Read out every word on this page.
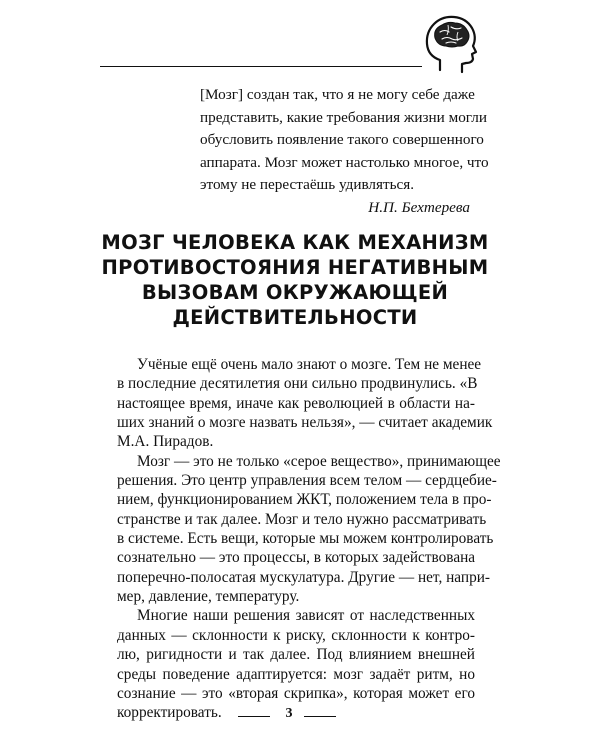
[Мозг] создан так, что я не могу себе даже
представить, какие требования жизни могли
обусловить появление такого совершенного
аппарата. Мозг может настолько многое, что
этому не перестаёшь удивляться.
Н.П. Бехтерева
МОЗГ ЧЕЛОВЕКА КАК МЕХАНИЗМ
ПРОТИВОСТОЯНИЯ НЕГАТИВНЫМ
ВЫЗОВАМ ОКРУЖАЮЩЕЙ
ДЕЙСТВИТЕЛЬНОСТИ
Учёные ещё очень мало знают о мозге. Тем не менее
в последние десятилетия они сильно продвинулись. «В
настоящее время, иначе как революцией в области на-
ших знаний о мозге назвать нельзя», — считает академик
М.А. Пирадов.
Мозг — это не только «серое вещество», принимающее
решения. Это центр управления всем телом — сердцебие-
нием, функционированием ЖКТ, положением тела в про-
странстве и так далее. Мозг и тело нужно рассматривать
в системе. Есть вещи, которые мы можем контролировать
сознательно — это процессы, в которых задействована
поперечно-полосатая мускулатура. Другие — нет, напри-
мер, давление, температуру.
Многие наши решения зависят от наследственных
данных — склонности к риску, склонности к контро-
лю, ригидности и так далее. Под влиянием внешней
среды поведение адаптируется: мозг задаёт ритм, но
сознание — это «вторая скрипка», которая может его
корректировать.	3
